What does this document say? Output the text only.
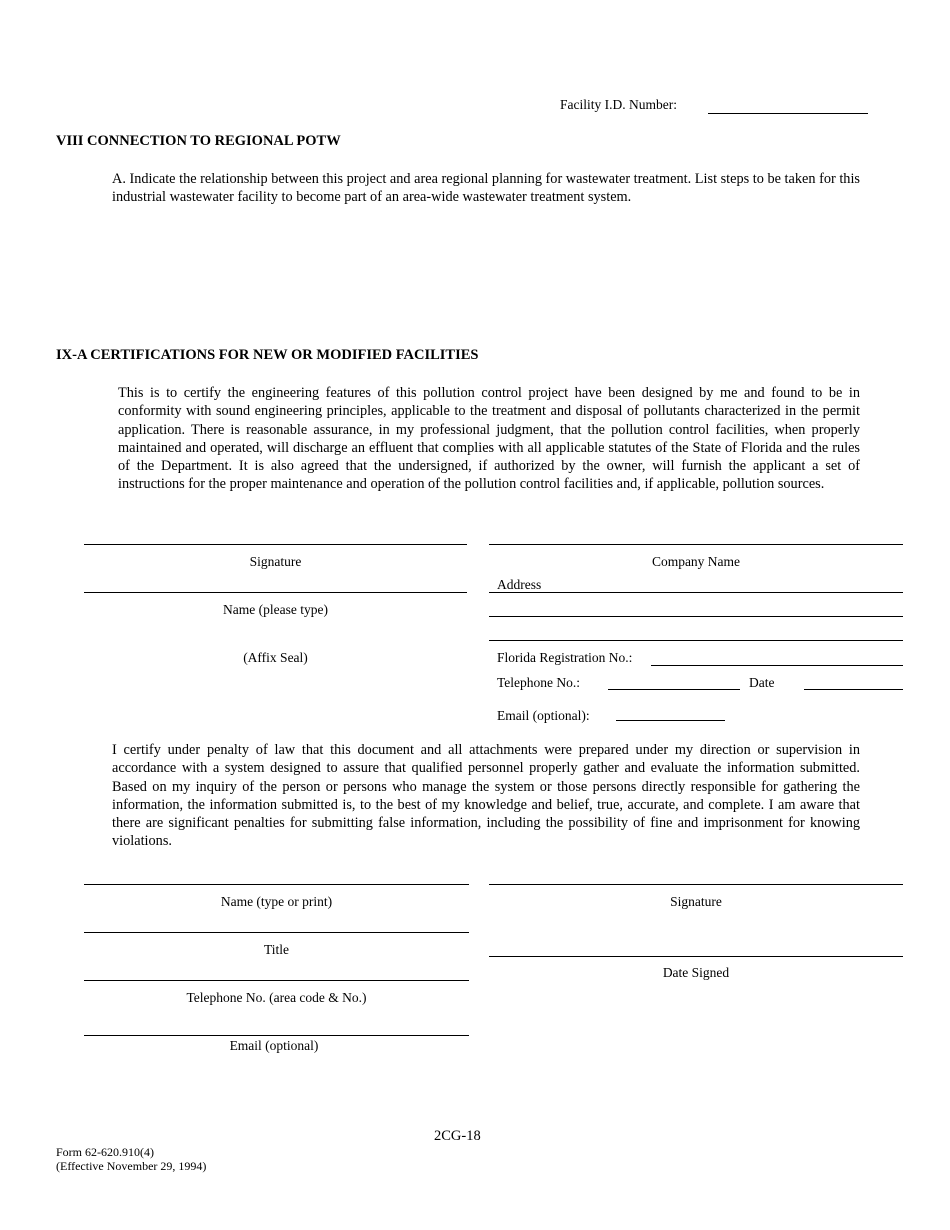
Facility I.D. Number:
VIII CONNECTION TO REGIONAL POTW
A. Indicate the relationship between this project and area regional planning for wastewater treatment. List steps to be taken for this industrial wastewater facility to become part of an area-wide wastewater treatment system.
IX-A CERTIFICATIONS FOR NEW OR MODIFIED FACILITIES
This is to certify the engineering features of this pollution control project have been designed by me and found to be in conformity with sound engineering principles, applicable to the treatment and disposal of pollutants characterized in the permit application. There is reasonable assurance, in my professional judgment, that the pollution control facilities, when properly maintained and operated, will discharge an effluent that complies with all applicable statutes of the State of Florida and the rules of the Department. It is also agreed that the undersigned, if authorized by the owner, will furnish the applicant a set of instructions for the proper maintenance and operation of the pollution control facilities and, if applicable, pollution sources.
Signature
Name (please type)
(Affix Seal)
Company Name
Address
Florida Registration No.:
Telephone No.:	Date
Email (optional):
I certify under penalty of law that this document and all attachments were prepared under my direction or supervision in accordance with a system designed to assure that qualified personnel properly gather and evaluate the information submitted. Based on my inquiry of the person or persons who manage the system or those persons directly responsible for gathering the information, the information submitted is, to the best of my knowledge and belief, true, accurate, and complete. I am aware that there are significant penalties for submitting false information, including the possibility of fine and imprisonment for knowing violations.
Name (type or print)
Title
Telephone No. (area code & No.)
Email (optional)
Signature
Date Signed
2CG-18
Form 62-620.910(4)
(Effective November 29, 1994)
